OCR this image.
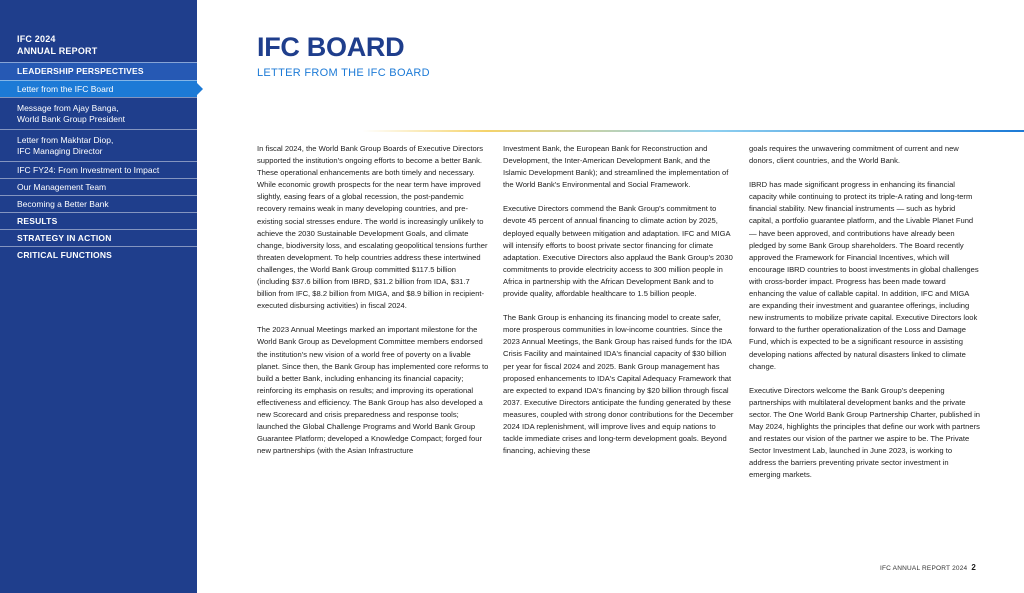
IFC 2024
ANNUAL REPORT
LEADERSHIP PERSPECTIVES
Letter from the IFC Board
Message from Ajay Banga,
World Bank Group President
Letter from Makhtar Diop,
IFC Managing Director
IFC FY24: From Investment to Impact
Our Management Team
Becoming a Better Bank
RESULTS
STRATEGY IN ACTION
CRITICAL FUNCTIONS
IFC BOARD
LETTER FROM THE IFC BOARD

In fiscal 2024, the World Bank Group Boards of Executive Directors supported the institution's ongoing efforts to become a better Bank. These operational enhancements are both timely and necessary. While economic growth prospects for the near term have improved slightly, easing fears of a global recession, the post-pandemic recovery remains weak in many developing countries, and pre-existing social stresses endure. The world is increasingly unlikely to achieve the 2030 Sustainable Development Goals, and climate change, biodiversity loss, and escalating geopolitical tensions further threaten development. To help countries address these intertwined challenges, the World Bank Group committed $117.5 billion (including $37.6 billion from IBRD, $31.2 billion from IDA, $31.7 billion from IFC, $8.2 billion from MIGA, and $8.9 billion in recipient-executed disbursing activities) in fiscal 2024.

The 2023 Annual Meetings marked an important milestone for the World Bank Group as Development Committee members endorsed the institution's new vision of a world free of poverty on a livable planet. Since then, the Bank Group has implemented core reforms to build a better Bank, including enhancing its financial capacity; reinforcing its emphasis on results; and improving its operational effectiveness and efficiency. The Bank Group has also developed a new Scorecard and crisis preparedness and response tools; launched the Global Challenge Programs and World Bank Group Guarantee Platform; developed a Knowledge Compact; forged four new partnerships (with the Asian Infrastructure

Investment Bank, the European Bank for Reconstruction and Development, the Inter-American Development Bank, and the Islamic Development Bank); and streamlined the implementation of the World Bank's Environmental and Social Framework.

Executive Directors commend the Bank Group's commitment to devote 45 percent of annual financing to climate action by 2025, deployed equally between mitigation and adaptation. IFC and MIGA will intensify efforts to boost private sector financing for climate adaptation. Executive Directors also applaud the Bank Group's 2030 commitments to provide electricity access to 300 million people in Africa in partnership with the African Development Bank and to provide quality, affordable healthcare to 1.5 billion people.

The Bank Group is enhancing its financing model to create safer, more prosperous communities in low-income countries. Since the 2023 Annual Meetings, the Bank Group has raised funds for the IDA Crisis Facility and maintained IDA's financial capacity of $30 billion per year for fiscal 2024 and 2025. Bank Group management has proposed enhancements to IDA's Capital Adequacy Framework that are expected to expand IDA's financing by $20 billion through fiscal 2037. Executive Directors anticipate the funding generated by these measures, coupled with strong donor contributions for the December 2024 IDA replenishment, will improve lives and equip nations to tackle immediate crises and long-term development goals. Beyond financing, achieving these

goals requires the unwavering commitment of current and new donors, client countries, and the World Bank.

IBRD has made significant progress in enhancing its financial capacity while continuing to protect its triple-A rating and long-term financial stability. New financial instruments — such as hybrid capital, a portfolio guarantee platform, and the Livable Planet Fund — have been approved, and contributions have already been pledged by some Bank Group shareholders. The Board recently approved the Framework for Financial Incentives, which will encourage IBRD countries to boost investments in global challenges with cross-border impact. Progress has been made toward enhancing the value of callable capital. In addition, IFC and MIGA are expanding their investment and guarantee offerings, including new instruments to mobilize private capital. Executive Directors look forward to the further operationalization of the Loss and Damage Fund, which is expected to be a significant resource in assisting developing nations affected by natural disasters linked to climate change.

Executive Directors welcome the Bank Group's deepening partnerships with multilateral development banks and the private sector. The One World Bank Group Partnership Charter, published in May 2024, highlights the principles that define our work with partners and restates our vision of the partner we aspire to be. The Private Sector Investment Lab, launched in June 2023, is working to address the barriers preventing private sector investment in emerging markets.

IFC ANNUAL REPORT 2024 2
